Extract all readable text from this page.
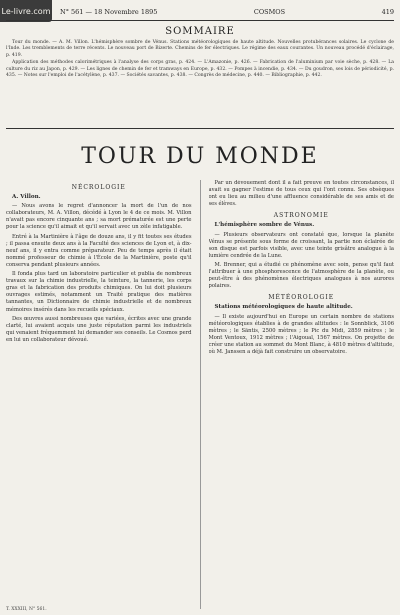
Le-livre.com	N° 561 — 18 Novembre 1895	COSMOS	419
SOMMAIRE

Tour du monde. — A. M. Villon. L'hémisphère sombre de Vénus. Stations météorologiques de haute altitude. Nouvelles protubérances solaires. Le cyclone de l'Inde. Les tremblements de terre récents. Le nouveau port de Bizerte. Chemins de fer électriques. Le régime des eaux courantes. Un nouveau procédé d'éclairage, p. 419.

Application des méthodes calorimétriques à l'analyse des corps gras, p. 424. — L'Amazonie, p. 426. — Fabrication de l'aluminium par voie sèche, p. 428. — La culture du riz au Japon, p. 429. — Les lignes de chemin de fer et tramways en Europe, p. 432. — Pompes à incendie, p. 434. — Du goudron, ses lois de périodicité, p. 435. — Notes sur l'emploi de l'acétylène, p. 437. — Sociétés savantes, p. 438. — Congrès de médecine, p. 440. — Bibliographie, p. 442.

TOUR DU MONDE
NÉCROLOGIE
A. Villon.

— Nous avons le regret d'annoncer la mort de l'un de nos collaborateurs, M. A. Villon, décédé à Lyon le 4 de ce mois. M. Villon n'avait pas encore cinquante ans ; sa mort prématurée est une perte pour la science qu'il aimait et qu'il servait avec un zèle infatigable.

Entré à la Martinière à l'âge de douze ans, il y fit toutes ses études ; il passa ensuite deux ans à la Faculté des sciences de Lyon et, à dix-neuf ans, il y entra comme préparateur. Peu de temps après il était nommé professeur de chimie à l'École de la Martinière, poste qu'il conserva pendant plusieurs années.

Il fonda plus tard un laboratoire particulier et publia de nombreux travaux sur la chimie industrielle, la teinture, la tannerie, les corps gras et la fabrication des produits chimiques. On lui doit plusieurs ouvrages estimés, notamment un Traité pratique des matières tannantes, un Dictionnaire de chimie industrielle et de nombreux mémoires insérés dans les recueils spéciaux.

Des œuvres aussi nombreuses que variées, écrites avec une grande clarté, lui avaient acquis une juste réputation parmi les industriels qui venaient fréquemment lui demander ses conseils. Le Cosmos perd en lui un collaborateur dévoué.

Par un dévouement dont il a fait preuve en toutes circonstances, il avait su gagner l'estime de tous ceux qui l'ont connu. Ses obsèques ont eu lieu au milieu d'une affluence considérable de ses amis et de ses élèves.

ASTRONOMIE
L'hémisphère sombre de Vénus.

— Plusieurs observateurs ont constaté que, lorsque la planète Vénus se présente sous forme de croissant, la partie non éclairée de son disque est parfois visible, avec une teinte grisâtre analogue à la lumière cendrée de la Lune.

M. Brenner, qui a étudié ce phénomène avec soin, pense qu'il faut l'attribuer à une phosphorescence de l'atmosphère de la planète, ou peut-être à des phénomènes électriques analogues à nos aurores polaires.

MÉTÉOROLOGIE
Stations météorologiques de haute altitude.

— Il existe aujourd'hui en Europe un certain nombre de stations météorologiques établies à de grandes altitudes : le Sonnblick, 3106 mètres ; le Säntis, 2500 mètres ; le Pic du Midi, 2859 mètres ; le Mont Ventoux, 1912 mètres ; l'Aigoual, 1567 mètres. On projette de créer une station au sommet du Mont Blanc, à 4810 mètres d'altitude, où M. Janssen a déjà fait construire un observatoire.

T. XXXIII, N° 561.
